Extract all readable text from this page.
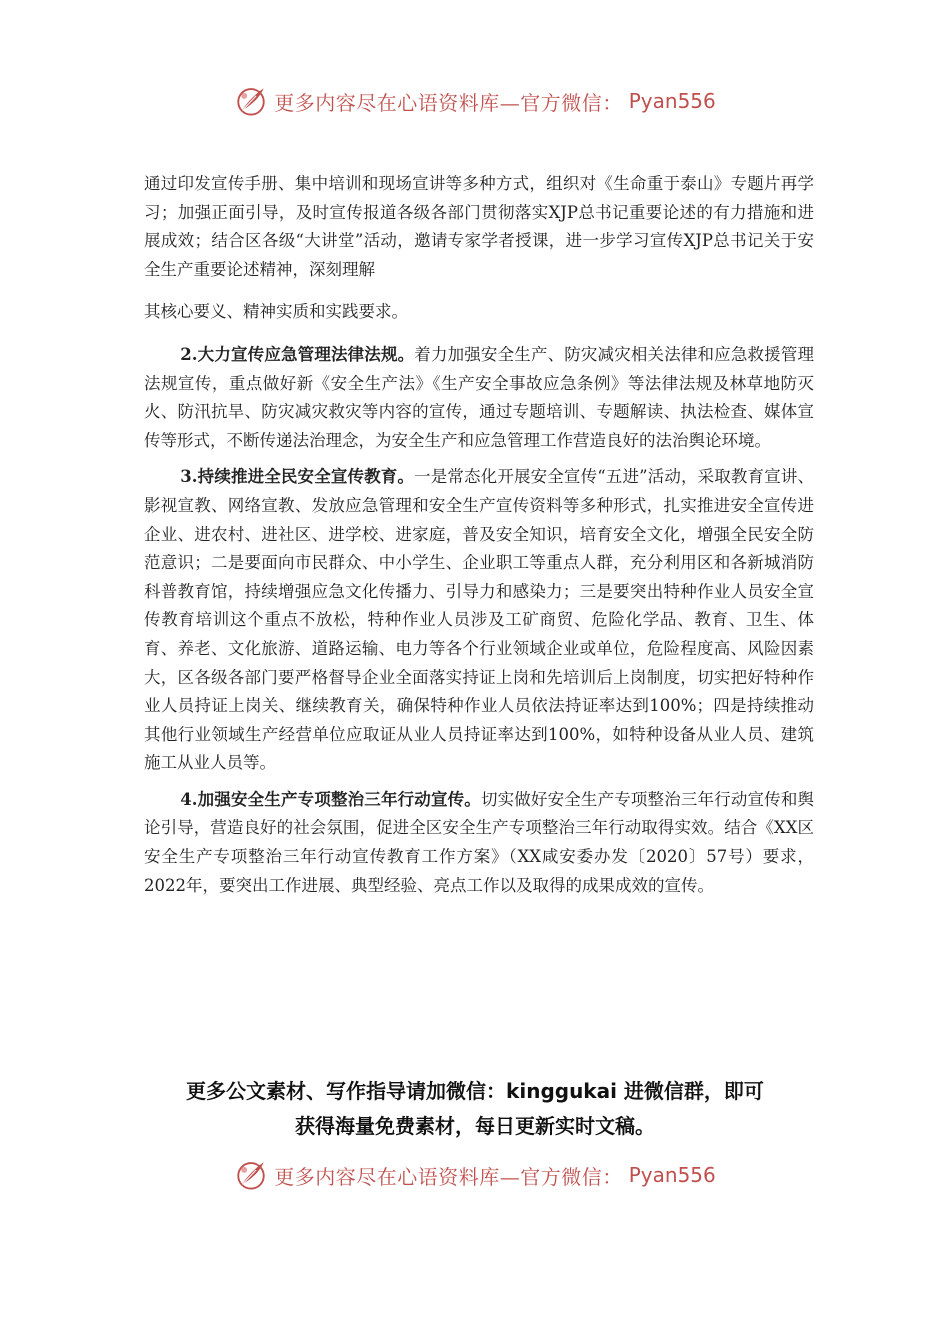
更多内容尽在心语资料库—官方微信： Pyan556

通过印发宣传手册、集中培训和现场宣讲等多种方式，组织对《生命重于泰山》专题片再学习；加强正面引导，及时宣传报道各级各部门贯彻落实XJP总书记重要论述的有力措施和进展成效；结合区各级“大讲堂”活动，邀请专家学者授课，进一步学习宣传XJP总书记关于安全生产重要论述精神，深刻理解
其核心要义、精神实质和实践要求。

2.大力宣传应急管理法律法规。着力加强安全生产、防灾减灾相关法律和应急救援管理法规宣传，重点做好新《安全生产法》《生产安全事故应急条例》等法律法规及林草地防灭火、防汛抗旱、防灾减灾救灾等内容的宣传，通过专题培训、专题解读、执法检查、媒体宣传等形式，不断传递法治理念，为安全生产和应急管理工作营造良好的法治舆论环境。

3.持续推进全民安全宣传教育。一是常态化开展安全宣传“五进”活动，采取教育宣讲、影视宣教、网络宣教、发放应急管理和安全生产宣传资料等多种形式，扎实推进安全宣传进企业、进农村、进社区、进学校、进家庭，普及安全知识，培育安全文化，增强全民安全防范意识；二是要面向市民群众、中小学生、企业职工等重点人群，充分利用区和各新城消防科普教育馆，持续增强应急文化传播力、引导力和感染力；三是要突出特种作业人员安全宣传教育培训这个重点不放松，特种作业人员涉及工矿商贸、危险化学品、教育、卫生、体育、养老、文化旅游、道路运输、电力等各个行业领域企业或单位，危险程度高、风险因素大，区各级各部门要严格督导企业全面落实持证上岗和先培训后上岗制度，切实把好特种作业人员持证上岗关、继续教育关，确保特种作业人员依法持证率达到100%；四是持续推动其他行业领域生产经营单位应取证从业人员持证率达到100%，如特种设备从业人员、建筑施工从业人员等。

4.加强安全生产专项整治三年行动宣传。切实做好安全生产专项整治三年行动宣传和舆论引导，营造良好的社会氛围，促进全区安全生产专项整治三年行动取得实效。结合《XX区安全生产专项整治三年行动宣传教育工作方案》（XX咸安委办发〔2020〕57号）要求，2022年，要突出工作进展、典型经验、亮点工作以及取得的成果成效的宣传。

更多公文素材、写作指导请加微信：kinggukai 进微信群，即可
获得海量免费素材，每日更新实时文稿。
更多内容尽在心语资料库—官方微信： Pyan556
